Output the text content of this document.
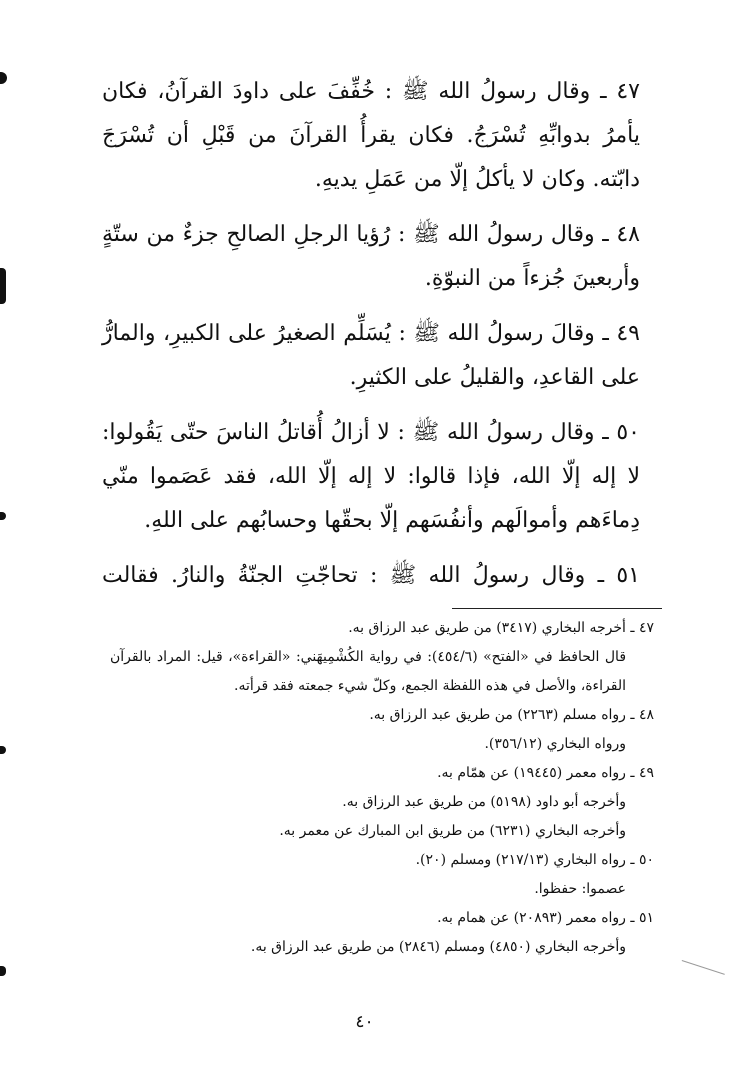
٤٧ ـ وقال رسولُ الله ﷺ : خُفِّفَ على داودَ القرآنُ، فكان يأمرُ بدوابِّهِ تُسْرَجُ. فكان يقرأُ القرآنَ من قَبْلِ أن تُسْرَجَ دابّته. وكان لا يأكلُ إلّا من عَمَلِ يديهِ.

٤٨ ـ وقال رسولُ الله ﷺ : رُؤيا الرجلِ الصالحِ جزءٌ من ستّةٍ وأربعينَ جُزءاً من النبوّةِ.

٤٩ ـ وقالَ رسولُ الله ﷺ : يُسَلِّم الصغيرُ على الكبيرِ، والمارُّ على القاعدِ، والقليلُ على الكثيرِ.

٥٠ ـ وقال رسولُ الله ﷺ : لا أزالُ أُقاتلُ الناسَ حتّى يَقُولوا: لا إله إلّا الله، فإذا قالوا: لا إله إلّا الله، فقد عَصَموا منّي دِماءَهم وأموالَهم وأنفُسَهم إلّا بحقّها وحسابُهم على اللهِ.

٥١ ـ وقال رسولُ الله ﷺ : تحاجّتِ الجنّةُ والنارُ. فقالت

٤٧ ـ أخرجه البخاري (٣٤١٧) من طريق عبد الرزاق به.

قال الحافظ في «الفتح» (٤٥٤/٦): في رواية الكُشْمِيهَني: «القراءة»، قيل: المراد بالقرآن القراءة، والأصل في هذه اللفظة الجمع، وكلّ شيء جمعته فقد قرأته.

٤٨ ـ رواه مسلم (٢٢٦٣) من طريق عبد الرزاق به.

ورواه البخاري (٣٥٦/١٢).

٤٩ ـ رواه معمر (١٩٤٤٥) عن همّام به.

وأخرجه أبو داود (٥١٩٨) من طريق عبد الرزاق به.

وأخرجه البخاري (٦٢٣١) من طريق ابن المبارك عن معمر به.

٥٠ ـ رواه البخاري (٢١٧/١٣) ومسلم (٢٠).

عصموا: حفظوا.

٥١ ـ رواه معمر (٢٠٨٩٣) عن همام به.

وأخرجه البخاري (٤٨٥٠) ومسلم (٢٨٤٦) من طريق عبد الرزاق به.

٤٠
